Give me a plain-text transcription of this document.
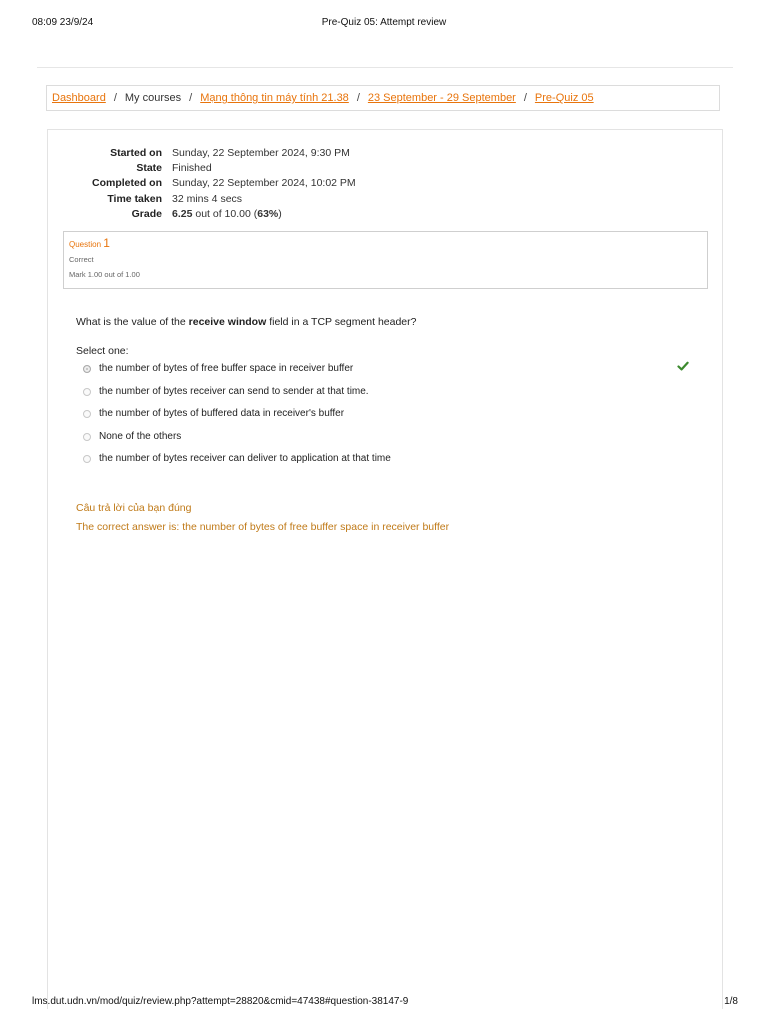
08:09 23/9/24	Pre-Quiz 05: Attempt review
Dashboard / My courses / Mạng thông tin máy tính 21.38 / 23 September - 29 September / Pre-Quiz 05
Started on Sunday, 22 September 2024, 9:30 PM
State Finished
Completed on Sunday, 22 September 2024, 10:02 PM
Time taken 32 mins 4 secs
Grade 6.25 out of 10.00 (63%)
Question 1
Correct
Mark 1.00 out of 1.00
What is the value of the receive window field in a TCP segment header?
Select one:
the number of bytes of free buffer space in receiver buffer
the number of bytes receiver can send to sender at that time.
the number of bytes of buffered data in receiver's buffer
None of the others
the number of bytes receiver can deliver to application at that time
Câu trả lời của bạn đúng
The correct answer is: the number of bytes of free buffer space in receiver buffer
lms.dut.udn.vn/mod/quiz/review.php?attempt=28820&cmid=47438#question-38147-9	1/8
